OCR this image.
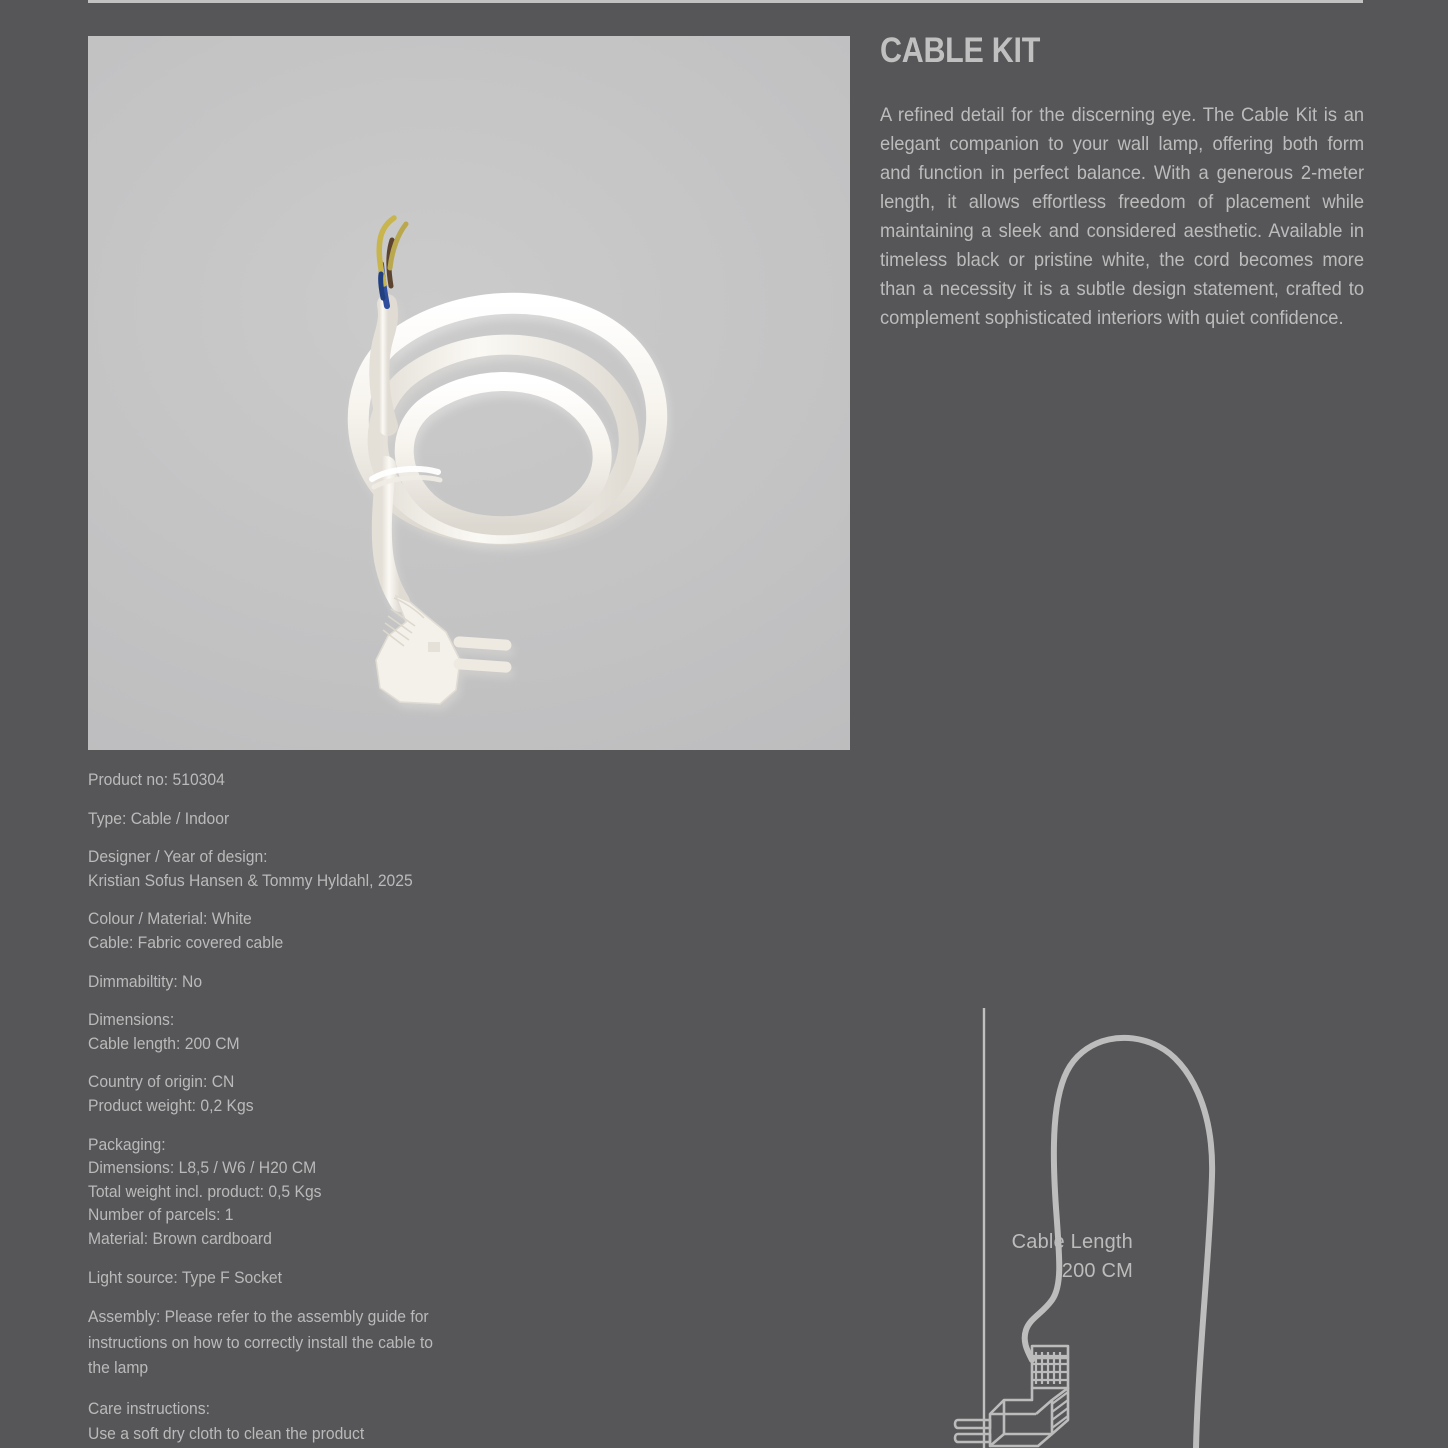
CABLE KIT

A refined detail for the discerning eye. The Cable Kit is an elegant companion to your wall lamp, offering both form and function in perfect balance. With a generous 2-meter length, it allows effortless freedom of placement while maintaining a sleek and considered aesthetic. Available in timeless black or pristine white, the cord becomes more than a necessity it is a subtle design statement, crafted to complement sophisticated interiors with quiet confidence.

Product no: 510304
Type: Cable / Indoor
Designer / Year of design:
Kristian Sofus Hansen & Tommy Hyldahl, 2025
Colour / Material: White
Cable: Fabric covered cable
Dimmabiltity: No
Dimensions:
Cable length: 200 CM
Country of origin: CN
Product weight: 0,2 Kgs
Packaging:
Dimensions: L8,5 / W6 / H20 CM
Total weight incl. product: 0,5 Kgs
Number of parcels: 1
Material: Brown cardboard
Light source: Type F Socket
Assembly: Please refer to the assembly guide for instructions on how to correctly install the cable to the lamp
Care instructions:
Use a soft dry cloth to clean the product
Cable Length
200 CM
